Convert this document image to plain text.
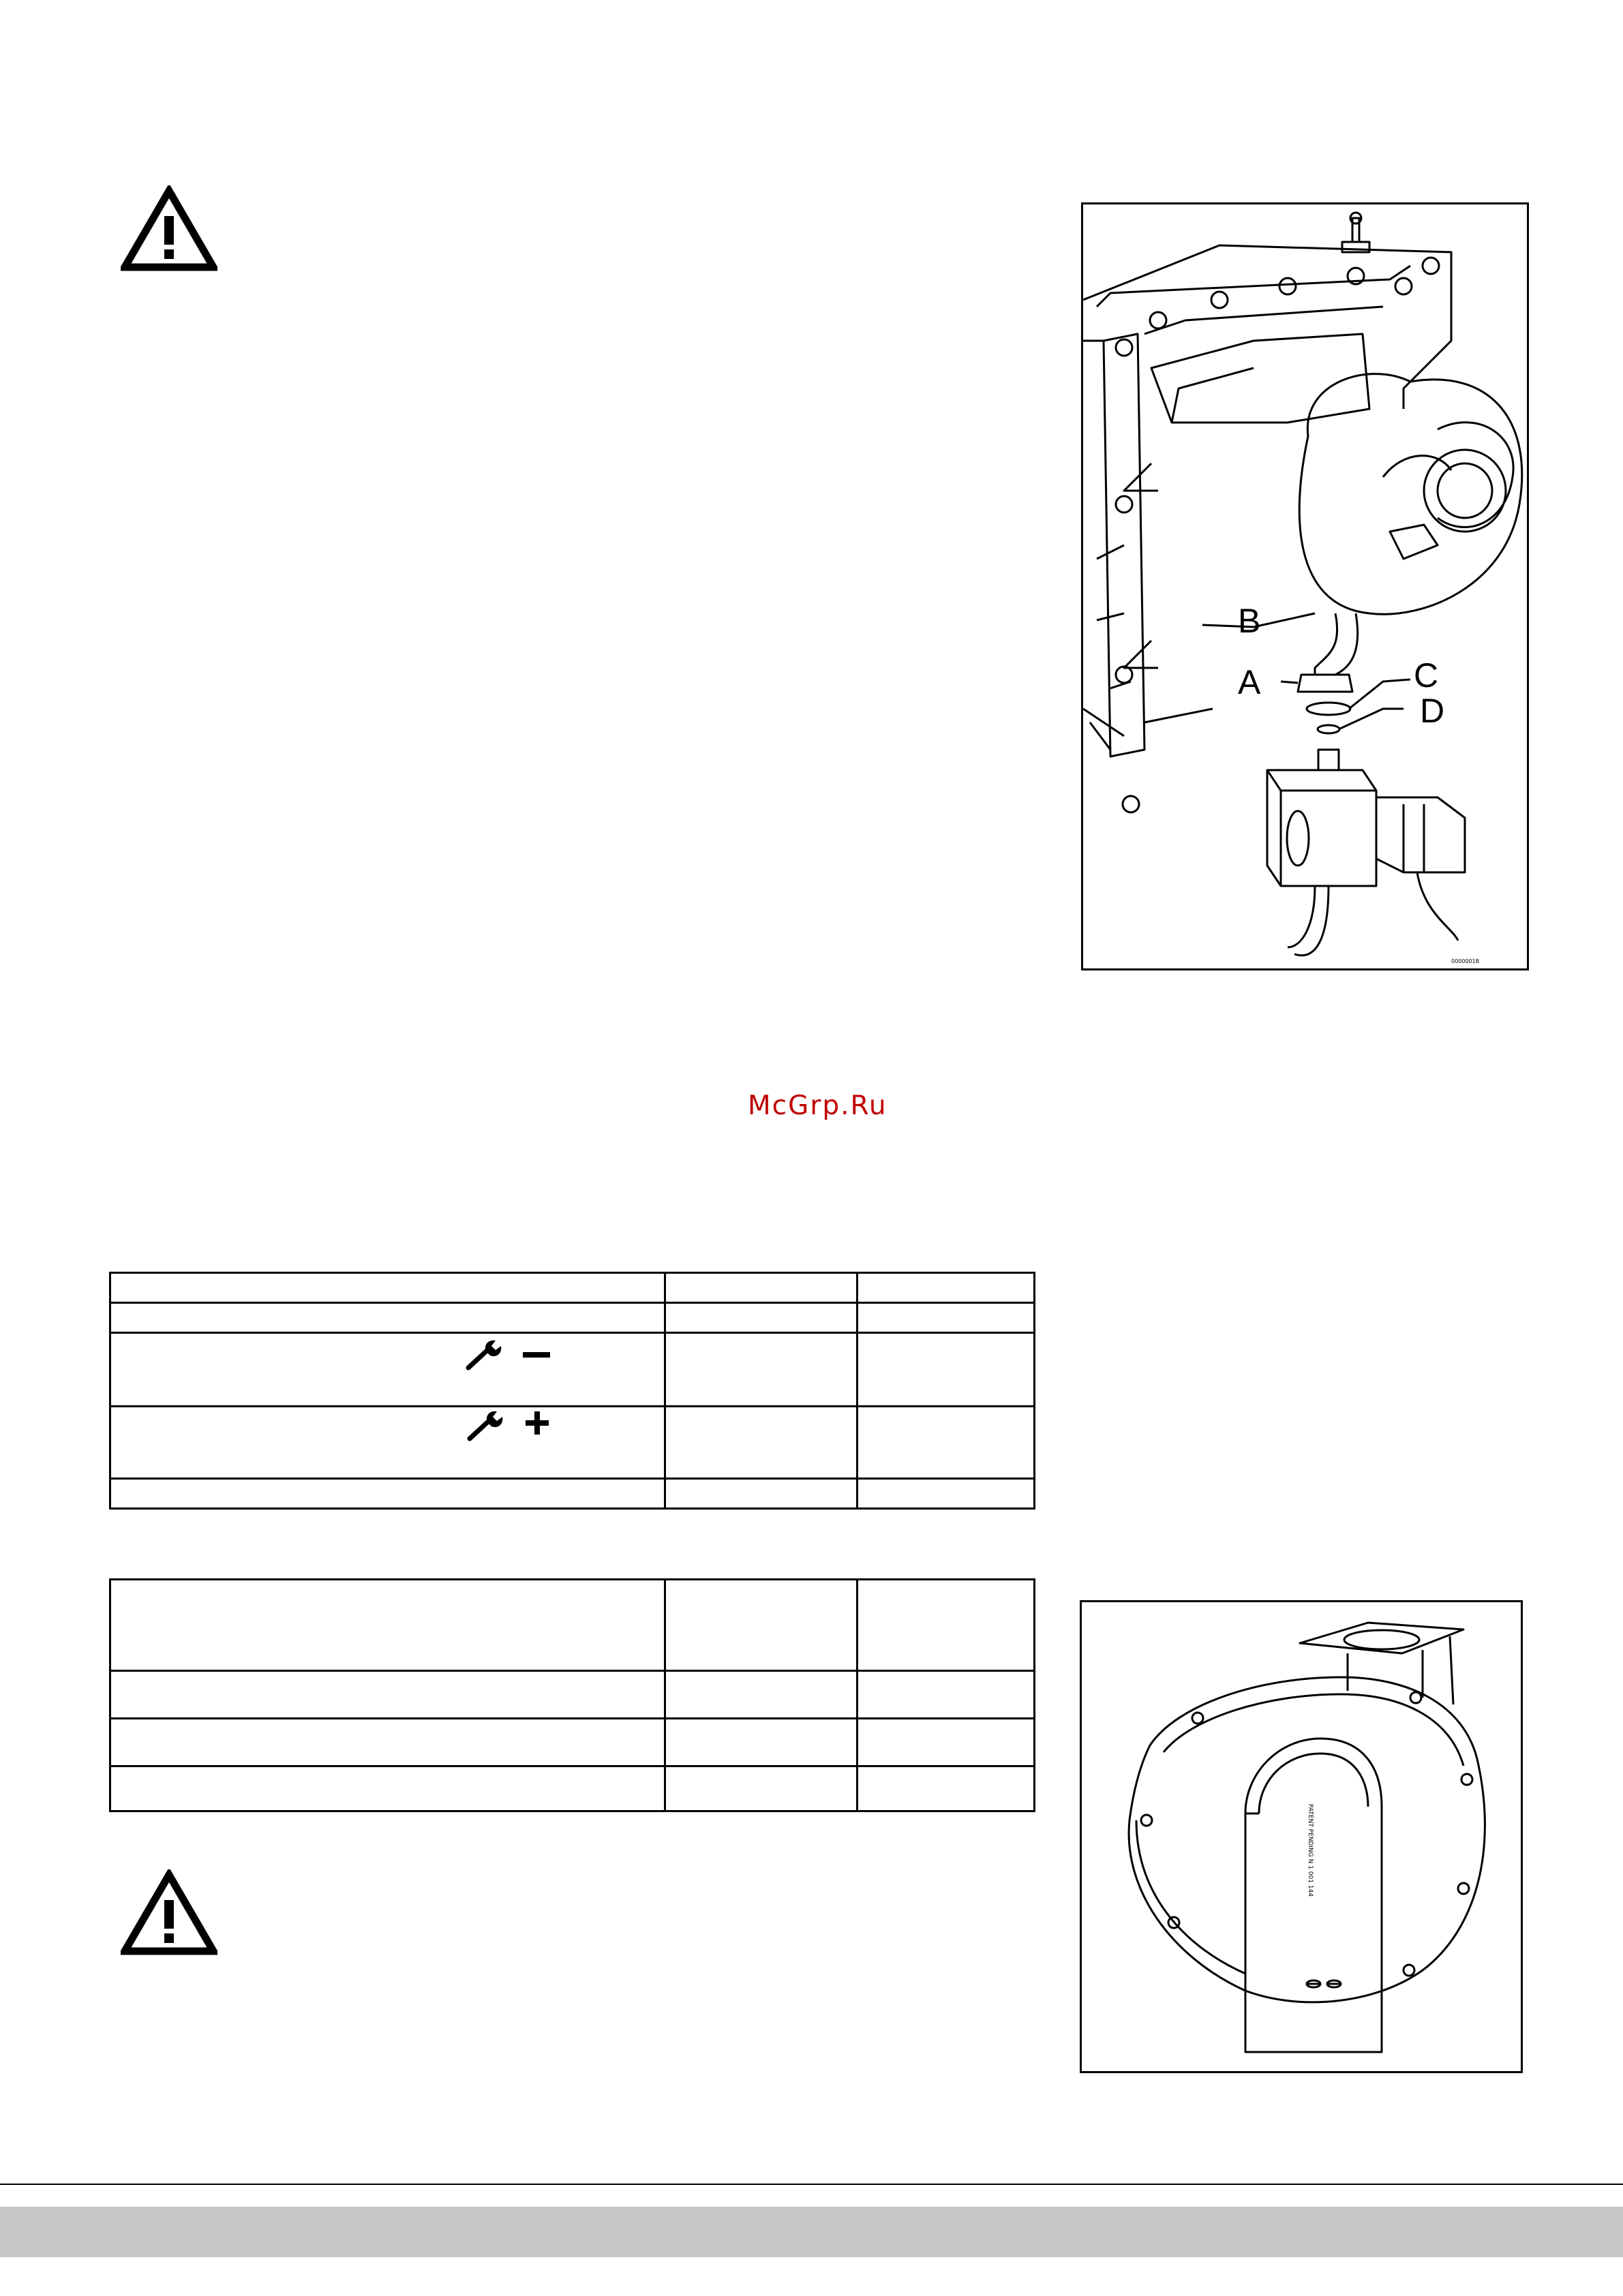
B
A	C
D
0000001B
McGrp.Ru

PATENT PENDING N 1 001 144
